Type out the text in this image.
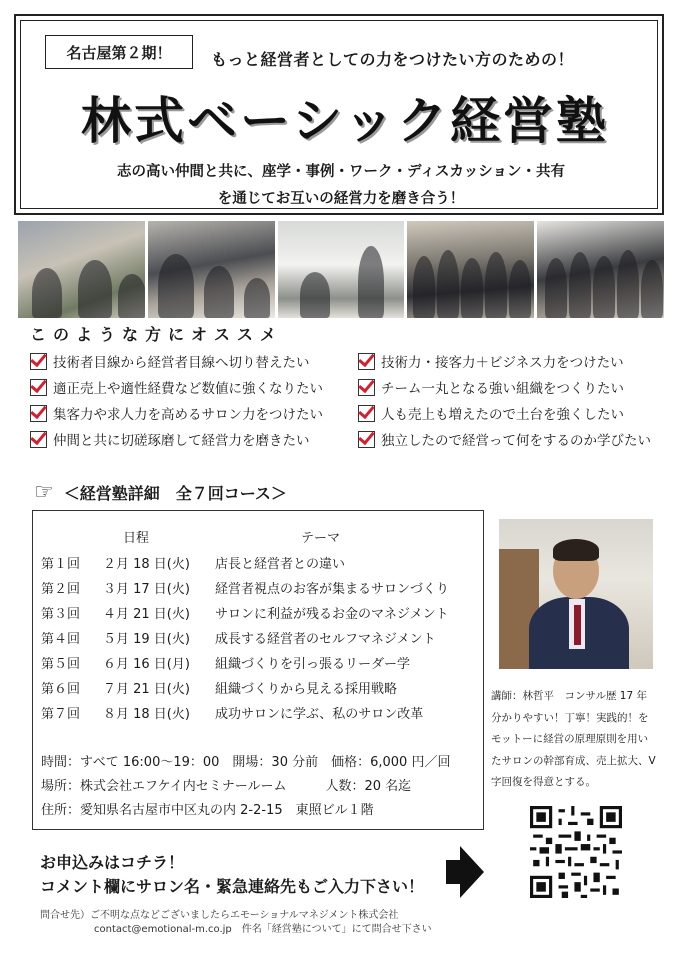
名古屋第２期！	もっと経営者としての力をつけたい方のための！
林式ベーシック経営塾
志の高い仲間と共に、座学・事例・ワーク・ディスカッション・共有
を通じてお互いの経営力を磨き合う！
このような方にオススメ
技術者目線から経営者目線へ切り替えたい
適正売上や適性経費など数値に強くなりたい
集客力や求人力を高めるサロン力をつけたい
仲間と共に切磋琢磨して経営力を磨きたい
技術力・接客力＋ビジネス力をつけたい
チーム一丸となる強い組織をつくりたい
人も売上も増えたので土台を強くしたい
独立したので経営って何をするのか学びたい
☞ ＜経営塾詳細　全７回コース＞
日程	テーマ
第１回 ２月 18 日(火) 店長と経営者との違い
第２回 ３月 17 日(火) 経営者視点のお客が集まるサロンづくり
第３回 ４月 21 日(火) サロンに利益が残るお金のマネジメント
第４回 ５月 19 日(火) 成長する経営者のセルフマネジメント
第５回 ６月 16 日(月) 組織づくりを引っ張るリーダー学
第６回 ７月 21 日(火) 組織づくりから見える採用戦略
第７回 ８月 18 日(火) 成功サロンに学ぶ、私のサロン改革
時間：すべて 16:00～19：00　開場：30 分前　価格：6,000 円／回
場所：株式会社エフケイ内セミナールーム　　　人数：20 名迄
住所：愛知県名古屋市中区丸の内 2-2-15　東照ビル１階
講師：林哲平　コンサル歴 17 年
分かりやすい！丁寧！実践的！を
モットーに経営の原理原則を用い
たサロンの幹部育成、売上拡大、V
字回復を得意とする。
お申込みはコチラ！
コメント欄にサロン名・緊急連絡先もご入力下さい！
問合せ先）ご不明な点などございましたらエモーショナルマネジメント株式会社
contact@emotional-m.co.jp　件名「経営塾について」にて問合せ下さい
